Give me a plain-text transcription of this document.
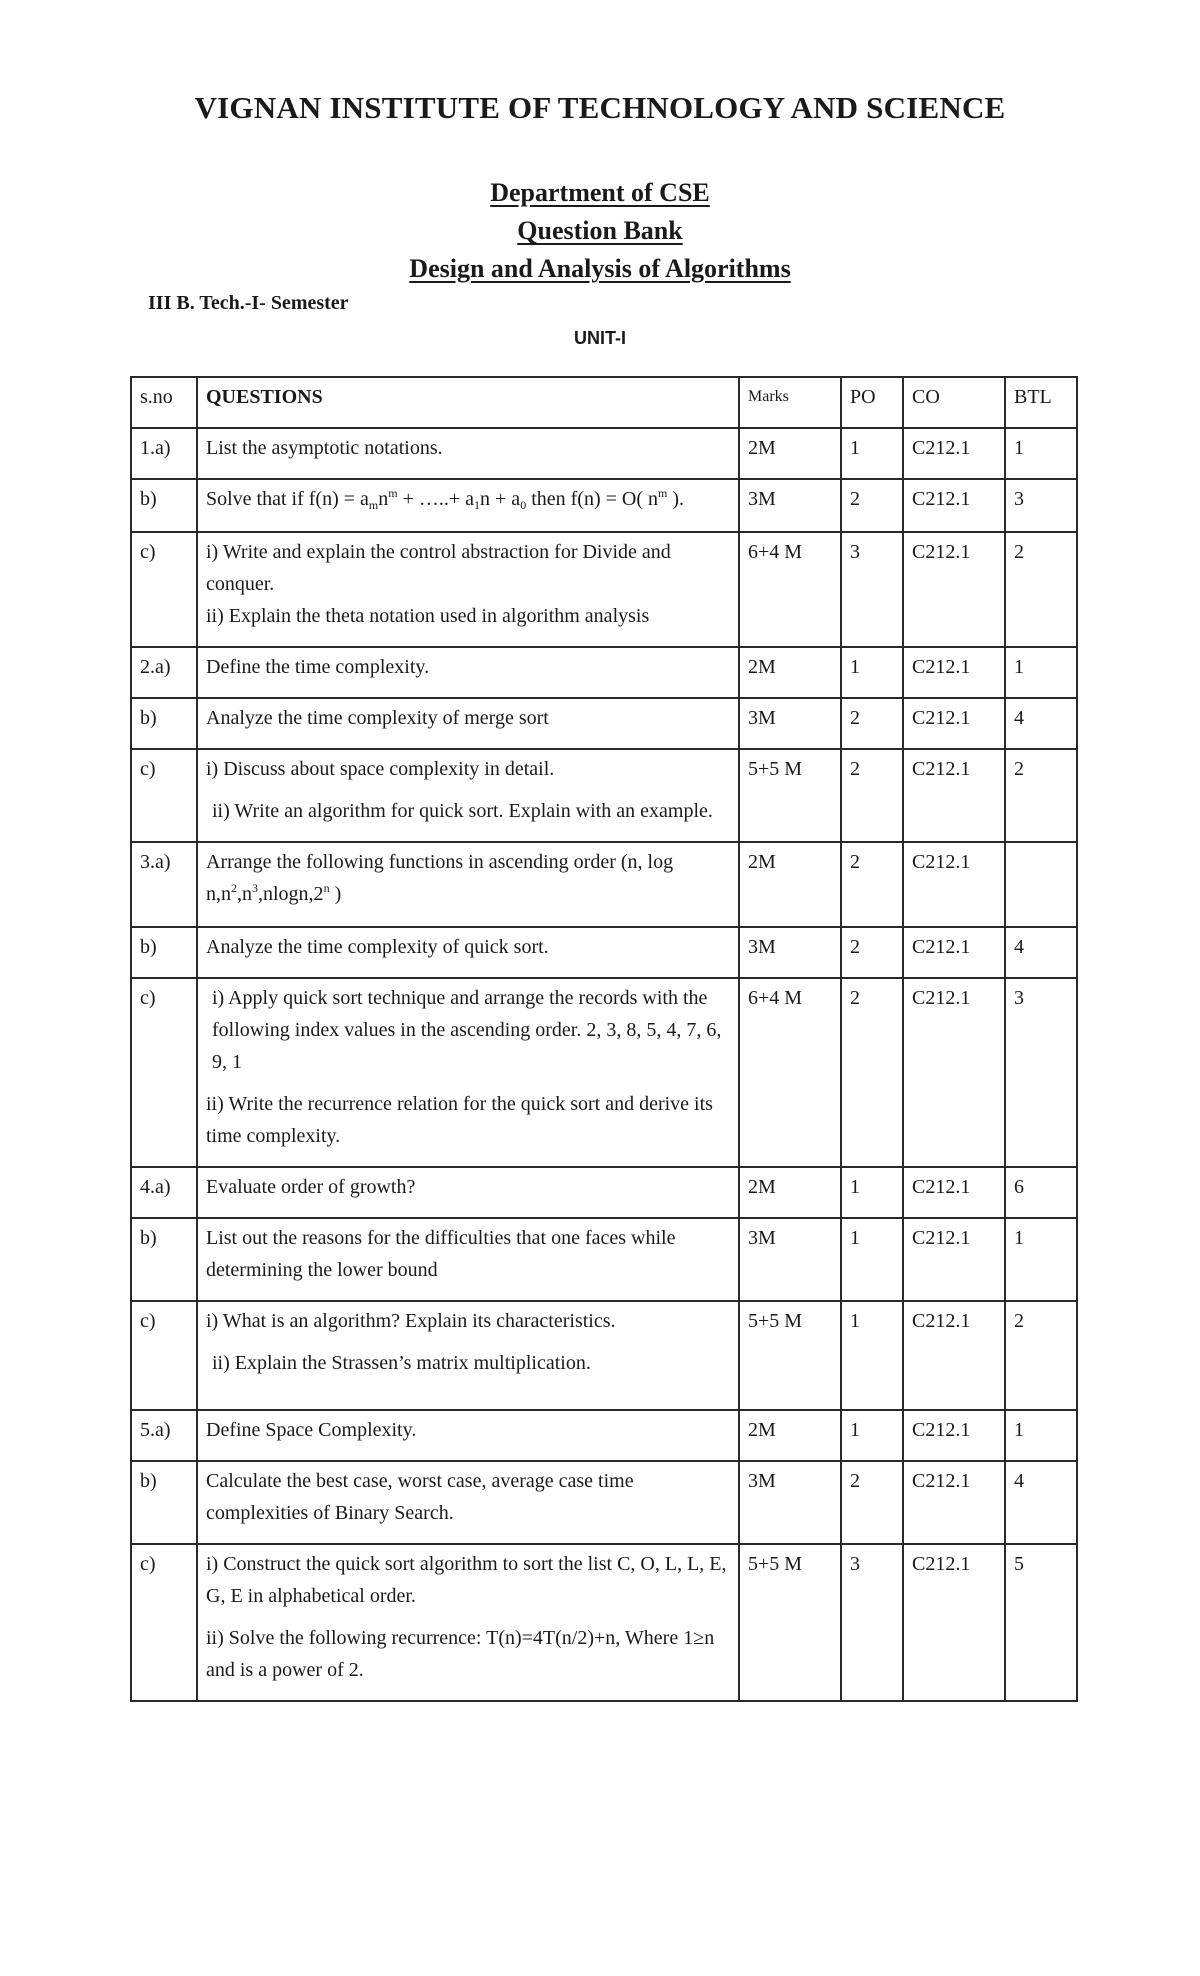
VIGNAN INSTITUTE OF TECHNOLOGY AND SCIENCE
Department of CSE
Question Bank
Design and Analysis of Algorithms
III B. Tech.-I- Semester
UNIT-I
s.no	QUESTIONS	Marks	PO	CO	BTL
1.a)	List the asymptotic notations.	2M	1	C212.1	1
b)	Solve that if $f(n) = a_mn^m$ + …..+ $a_1n + a_0$ then f(n) = O( $n^m$ ).	3M	2	C212.1	3
c)	i) Write and explain the control abstraction for Divide and conquer.
ii) Explain the theta notation used in algorithm analysis	6+4 M	3	C212.1	2
2.a)	Define the time complexity.	2M	1	C212.1	1
b)	Analyze the time complexity of merge sort	3M	2	C212.1	4
c)	i) Discuss about space complexity in detail.
ii) Write an algorithm for quick sort. Explain with an example.	5+5 M	2	C212.1	2
3.a)	Arrange the following functions in ascending order (n, $\log n,n^2,n^3,nlogn,2^n$ )	2M	2	C212.1	
b)	Analyze the time complexity of quick sort.	3M	2	C212.1	4
c)	i) Apply quick sort technique and arrange the records with the following index values in the ascending order. 2, 3, 8, 5, 4, 7, 6, 9, 1
ii) Write the recurrence relation for the quick sort and derive its time complexity.	6+4 M	2	C212.1	3
4.a)	Evaluate order of growth?	2M	1	C212.1	6
b)	List out the reasons for the difficulties that one faces while determining the lower bound	3M	1	C212.1	1
c)	i) What is an algorithm? Explain its characteristics.
ii) Explain the Strassen’s matrix multiplication.	5+5 M	1	C212.1	2
5.a)	Define Space Complexity.	2M	1	C212.1	1
b)	Calculate the best case, worst case, average case time complexities of Binary Search.	3M	2	C212.1	4
c)	i) Construct the quick sort algorithm to sort the list C, O, L, L, E, G, E in alphabetical order.
ii) Solve the following recurrence: T(n)=4T(n/2)+n, Where 1≥n and is a power of 2.	5+5 M	3	C212.1	5
